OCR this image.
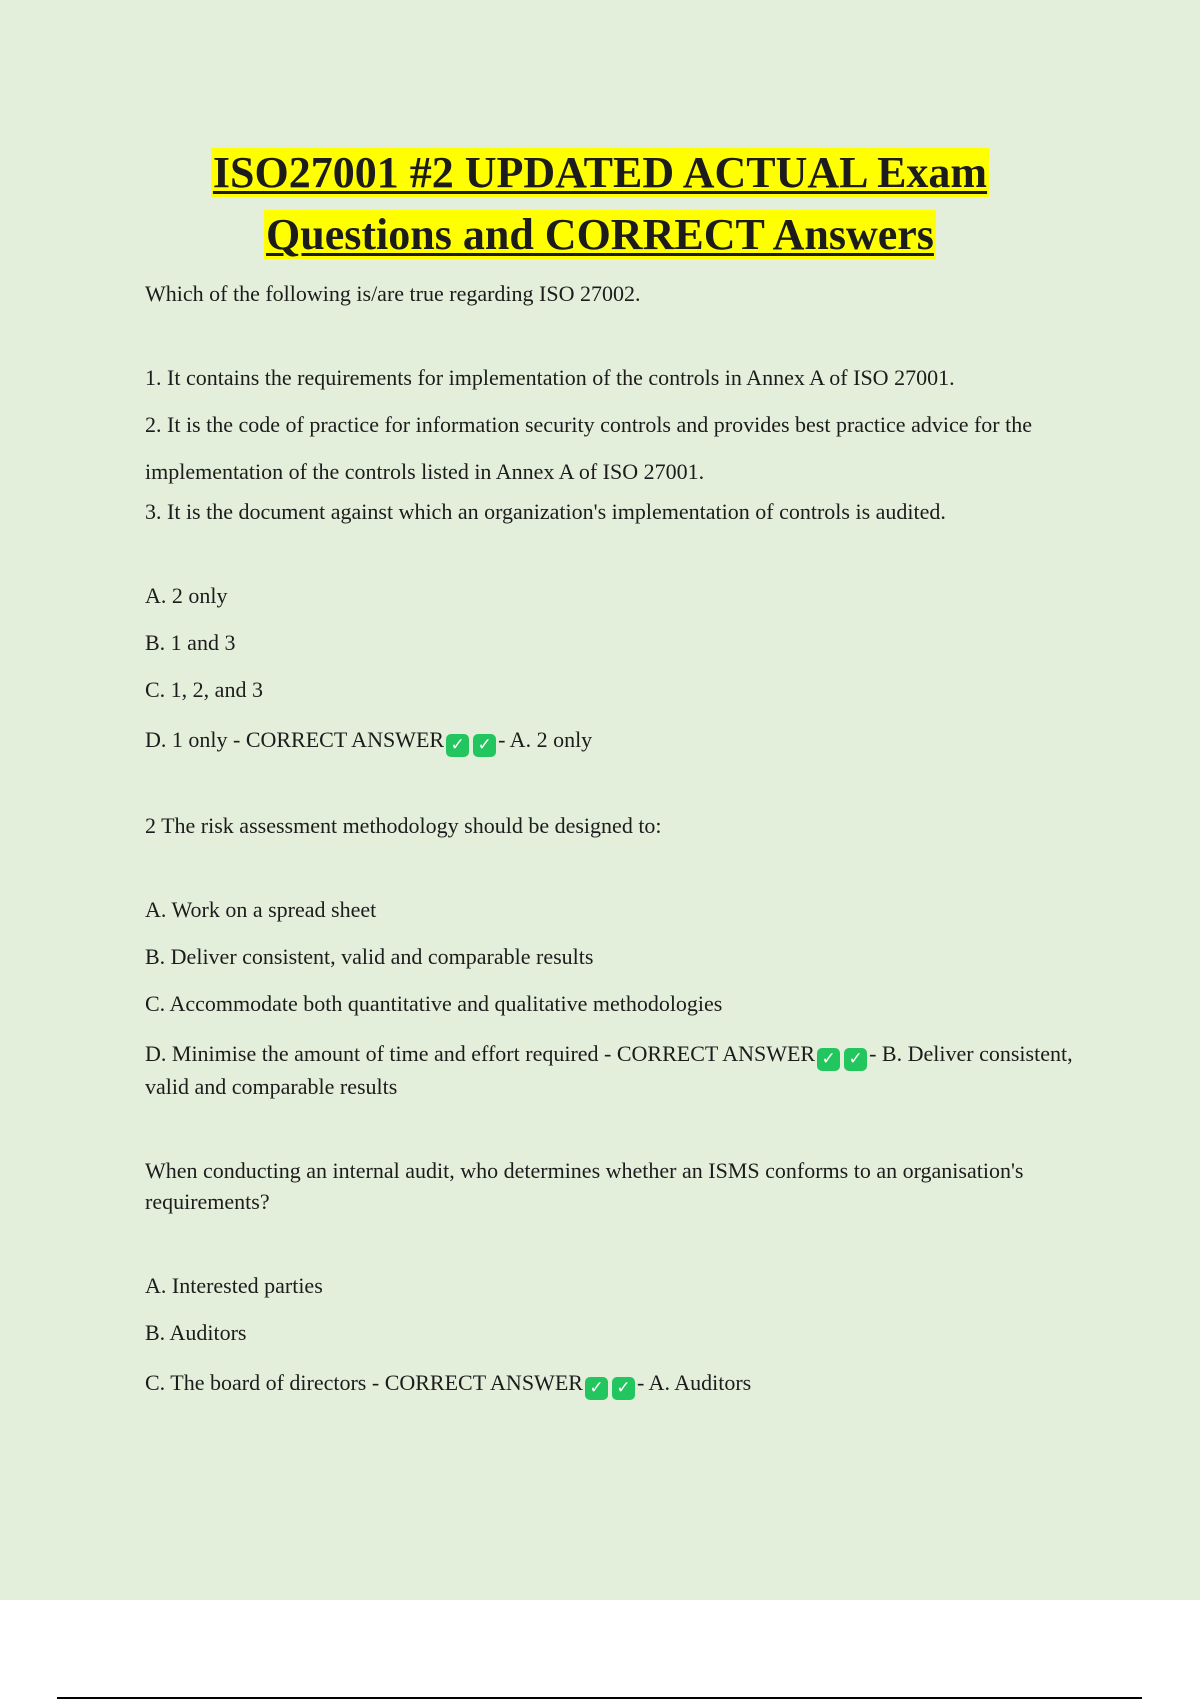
ISO27001 #2 UPDATED ACTUAL Exam
Questions and CORRECT Answers
Which of the following is/are true regarding ISO 27002.
1. It contains the requirements for implementation of the controls in Annex A of ISO 27001.
2. It is the code of practice for information security controls and provides best practice advice for the implementation of the controls listed in Annex A of ISO 27001.
3. It is the document against which an organization's implementation of controls is audited.
A. 2 only
B. 1 and 3
C. 1, 2, and 3
D. 1 only - CORRECT ANSWER ✓ ✓ - A. 2 only
2 The risk assessment methodology should be designed to:
A. Work on a spread sheet
B. Deliver consistent, valid and comparable results
C. Accommodate both quantitative and qualitative methodologies
D. Minimise the amount of time and effort required - CORRECT ANSWER ✓ ✓ - B. Deliver consistent, valid and comparable results
When conducting an internal audit, who determines whether an ISMS conforms to an organisation's requirements?
A. Interested parties
B. Auditors
C. The board of directors - CORRECT ANSWER ✓ ✓ - A. Auditors
